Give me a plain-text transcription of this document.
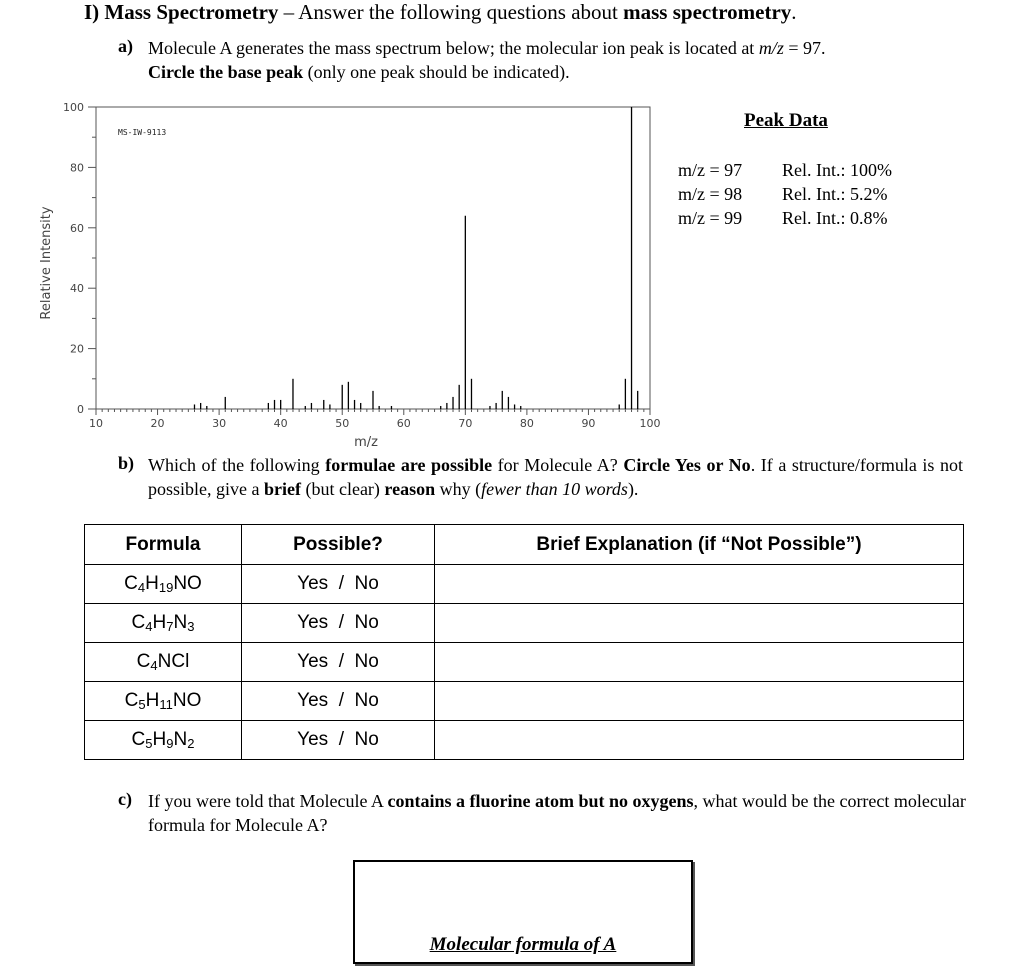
I) Mass Spectrometry – Answer the following questions about mass spectrometry.
a) Molecule A generates the mass spectrum below; the molecular ion peak is located at m/z = 97.
Circle the base peak (only one peak should be indicated).
10	20	30	40	50	60	70	80	90	100
0
20
40
60
80
100
MS-IW-9113
m/z
Relative Intensity
Peak Data
m/z = 97 Rel. Int.: 100%
m/z = 98 Rel. Int.: 5.2%
m/z = 99 Rel. Int.: 0.8%
b) Which of the following formulae are possible for Molecule A? Circle Yes or No. If a structure/formula is not possible, give a brief (but clear) reason why (fewer than 10 words).
Formula	Possible?	Brief Explanation (if “Not Possible”)
$C_4H_{19}NO$	Yes  /  No	
$C_4H_7N_3$	Yes  /  No	
$C_4NCl$	Yes  /  No	
$C_5H_{11}NO$	Yes  /  No	
$C_5H_9N_2$	Yes  /  No	
c) If you were told that Molecule A contains a fluorine atom but no oxygens, what would be the correct molecular formula for Molecule A?
Molecular formula of A
